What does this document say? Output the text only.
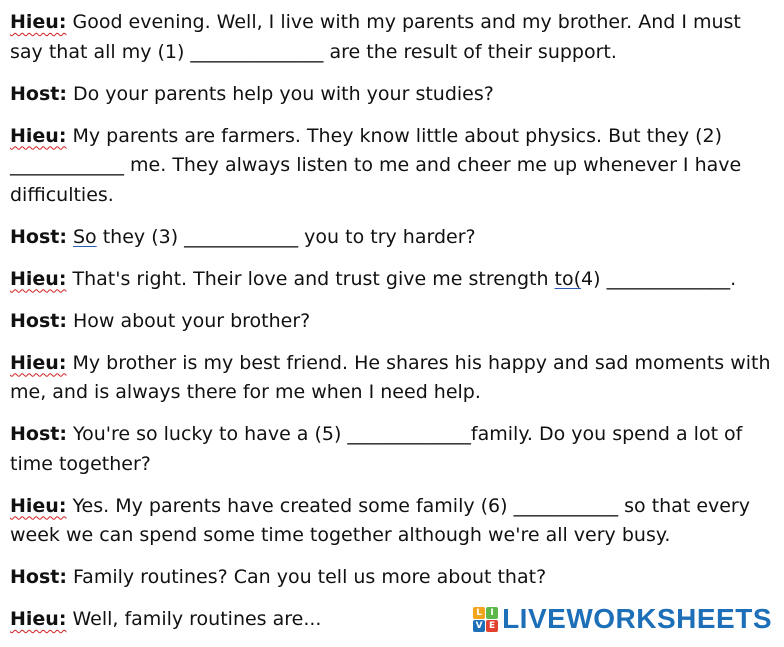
Hieu: Good evening. Well, I live with my parents and my brother. And I must say that all my (1) ______________ are the result of their support.

Host: Do your parents help you with your studies?

Hieu: My parents are farmers. They know little about physics. But they (2) ____________ me. They always listen to me and cheer me up whenever I have difficulties.

Host: So they (3) ____________ you to try harder?

Hieu: That's right. Their love and trust give me strength to(4) _____________.

Host: How about your brother?

Hieu: My brother is my best friend. He shares his happy and sad moments with me, and is always there for me when I need help.

Host: You're so lucky to have a (5) _____________family. Do you spend a lot of time together?

Hieu: Yes. My parents have created some family (6) ___________ so that every week we can spend some time together although we're all very busy.

Host: Family routines? Can you tell us more about that?

Hieu: Well, family routines are...	L I
V E LIVEWORKSHEETS
